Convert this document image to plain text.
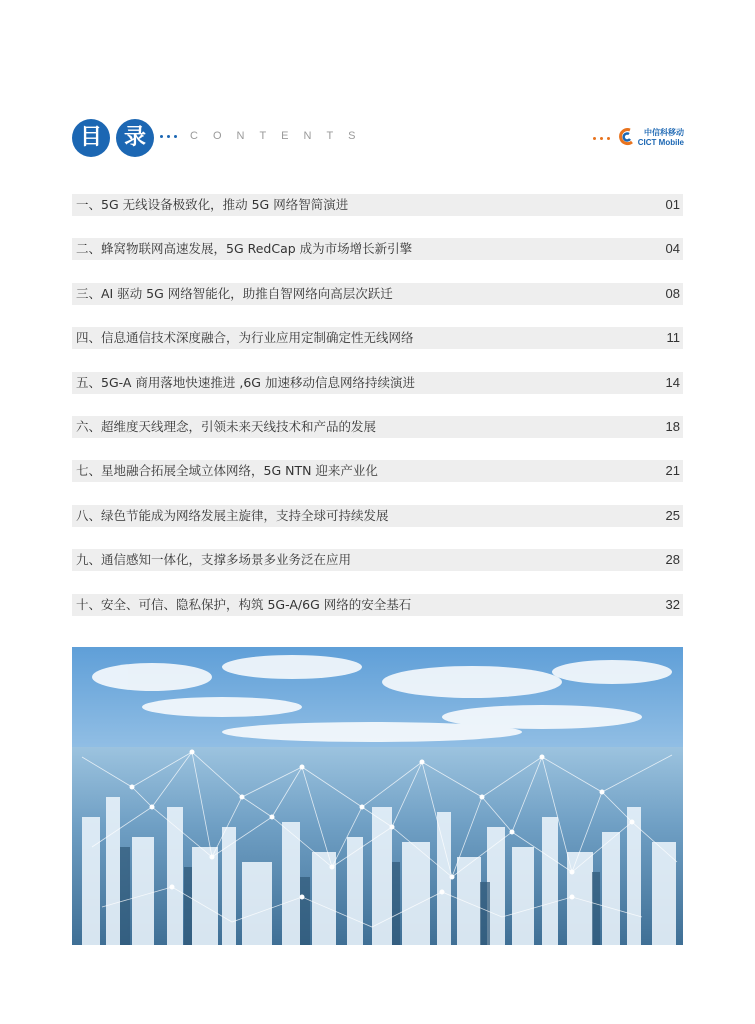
目 录	CONTENTS	中信科移动
CICT Mobile
一、5G 无线设备极致化，推动 5G 网络智简演进	01
二、蜂窝物联网高速发展，5G RedCap 成为市场增长新引擎	04
三、AI 驱动 5G 网络智能化，助推自智网络向高层次跃迁	08
四、信息通信技术深度融合，为行业应用定制确定性无线网络	11
五、5G-A 商用落地快速推进 ,6G 加速移动信息网络持续演进	14
六、超维度天线理念，引领未来天线技术和产品的发展	18
七、星地融合拓展全域立体网络，5G NTN 迎来产业化	21
八、绿色节能成为网络发展主旋律，支持全球可持续发展	25
九、通信感知一体化，支撑多场景多业务泛在应用	28
十、安全、可信、隐私保护，构筑 5G-A/6G 网络的安全基石	32
